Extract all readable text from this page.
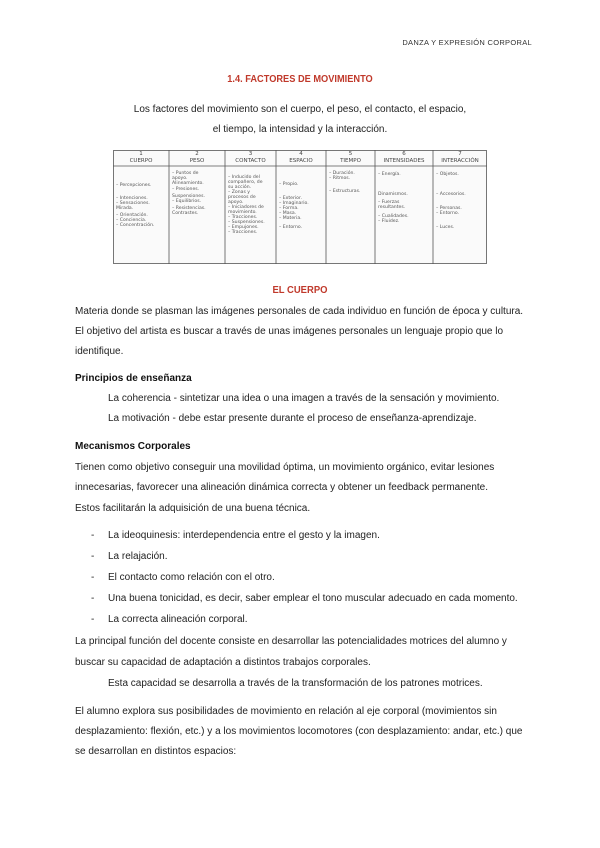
DANZA Y EXPRESIÓN CORPORAL
1.4. FACTORES DE MOVIMIENTO
Los factores del movimiento son el cuerpo, el peso, el contacto, el espacio,
el tiempo, la intensidad y la interacción.
1
CUERPO
– Percepciones.
– Intenciones.
– Sensaciones.
Mirada.
– Orientación.
– Conciencia.
– Concentración.
2
PESO
– Puntos de
apoyo.
Alineamiento.
– Presiones.
Suspensiones.
– Equilibrios.
– Resistencias.
Contrastes.
3
CONTACTO
– Inducido del
compañero, de
su acción.
– Zonas y
procesos de
apoyo.
– Iniciadores de
movimiento.
– Tracciones.
– Suspensiones.
– Empujones.
– Tracciones.
4
ESPACIO
– Propio.
– Exterior.
– Imaginario.
– Forma.
– Masa.
– Materia.
– Entorno.
5
TIEMPO
– Duración.
– Ritmos.
– Estructuras.
6
INTENSIDADES
– Energía.
Dinamismos.
– Fuerzas
resultantes.
– Cualidades.
– Fluidez.
7
INTERACCIÓN
– Objetos.
– Accesorios.
– Personas.
– Entorno.
– Luces.
EL CUERPO
Materia donde se plasman las imágenes personales de cada individuo en función de época y cultura.
El objetivo del artista es buscar a través de unas imágenes personales un lenguaje propio que lo
identifique.
Principios de enseñanza
La coherencia - sintetizar una idea o una imagen a través de la sensación y movimiento.
La motivación - debe estar presente durante el proceso de enseñanza-aprendizaje.
Mecanismos Corporales
Tienen como objetivo conseguir una movilidad óptima, un movimiento orgánico, evitar lesiones
innecesarias, favorecer una alineación dinámica correcta y obtener un feedback permanente.
Estos facilitarán la adquisición de una buena técnica.
- La ideoquinesis: interdependencia entre el gesto y la imagen.
- La relajación.
- El contacto como relación con el otro.
- Una buena tonicidad, es decir, saber emplear el tono muscular adecuado en cada momento.
- La correcta alineación corporal.
La principal función del docente consiste en desarrollar las potencialidades motrices del alumno y
buscar su capacidad de adaptación a distintos trabajos corporales.
Esta capacidad se desarrolla a través de la transformación de los patrones motrices.
El alumno explora sus posibilidades de movimiento en relación al eje corporal (movimientos sin
desplazamiento: flexión, etc.) y a los movimientos locomotores (con desplazamiento: andar, etc.) que
se desarrollan en distintos espacios:
